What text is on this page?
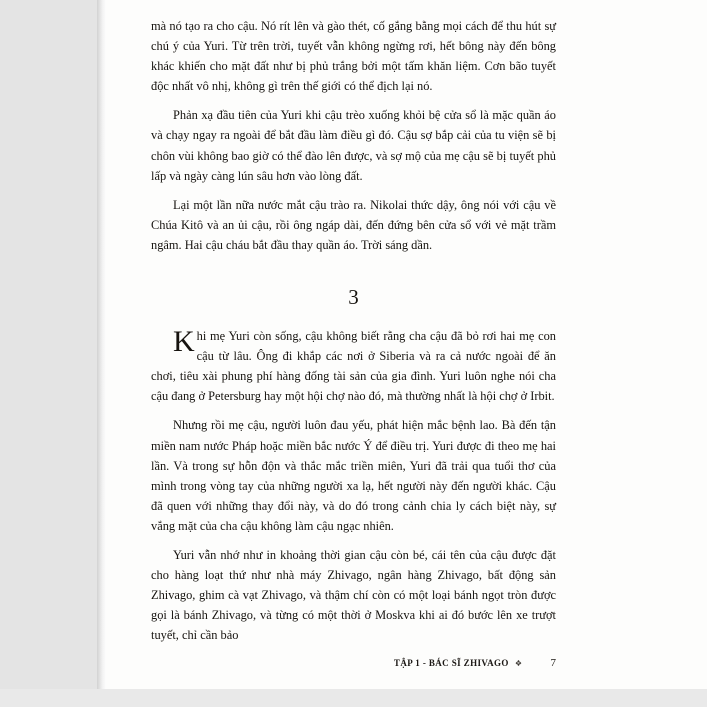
mà nó tạo ra cho cậu. Nó rít lên và gào thét, cố gắng bằng mọi cách để thu hút sự chú ý của Yuri. Từ trên trời, tuyết vẫn không ngừng rơi, hết bông này đến bông khác khiến cho mặt đất như bị phủ trắng bởi một tấm khăn liệm. Cơn bão tuyết độc nhất vô nhị, không gì trên thế giới có thể địch lại nó.

Phản xạ đầu tiên của Yuri khi cậu trèo xuống khỏi bệ cửa sổ là mặc quần áo và chạy ngay ra ngoài để bắt đầu làm điều gì đó. Cậu sợ bắp cải của tu viện sẽ bị chôn vùi không bao giờ có thể đào lên được, và sợ mộ của mẹ cậu sẽ bị tuyết phủ lấp và ngày càng lún sâu hơn vào lòng đất.

Lại một lần nữa nước mắt cậu trào ra. Nikolai thức dậy, ông nói với cậu về Chúa Kitô và an ủi cậu, rồi ông ngáp dài, đến đứng bên cửa sổ với vẻ mặt trầm ngâm. Hai cậu cháu bắt đầu thay quần áo. Trời sáng dần.

3

Khi mẹ Yuri còn sống, cậu không biết rằng cha cậu đã bỏ rơi hai mẹ con cậu từ lâu. Ông đi khắp các nơi ở Siberia và ra cả nước ngoài để ăn chơi, tiêu xài phung phí hàng đống tài sản của gia đình. Yuri luôn nghe nói cha cậu đang ở Petersburg hay một hội chợ nào đó, mà thường nhất là hội chợ ở Irbit.

Nhưng rồi mẹ cậu, người luôn đau yếu, phát hiện mắc bệnh lao. Bà đến tận miền nam nước Pháp hoặc miền bắc nước Ý để điều trị. Yuri được đi theo mẹ hai lần. Và trong sự hỗn độn và thắc mắc triền miên, Yuri đã trải qua tuổi thơ của mình trong vòng tay của những người xa lạ, hết người này đến người khác. Cậu đã quen với những thay đổi này, và do đó trong cảnh chia ly cách biệt này, sự vắng mặt của cha cậu không làm cậu ngạc nhiên.

Yuri vẫn nhớ như in khoảng thời gian cậu còn bé, cái tên của cậu được đặt cho hàng loạt thứ như nhà máy Zhivago, ngân hàng Zhivago, bất động sản Zhivago, ghim cà vạt Zhivago, và thậm chí còn có một loại bánh ngọt tròn được gọi là bánh Zhivago, và từng có một thời ở Moskva khi ai đó bước lên xe trượt tuyết, chỉ cần bảo

TẬP 1 - BÁC SĨ ZHIVAGO ❖	7
